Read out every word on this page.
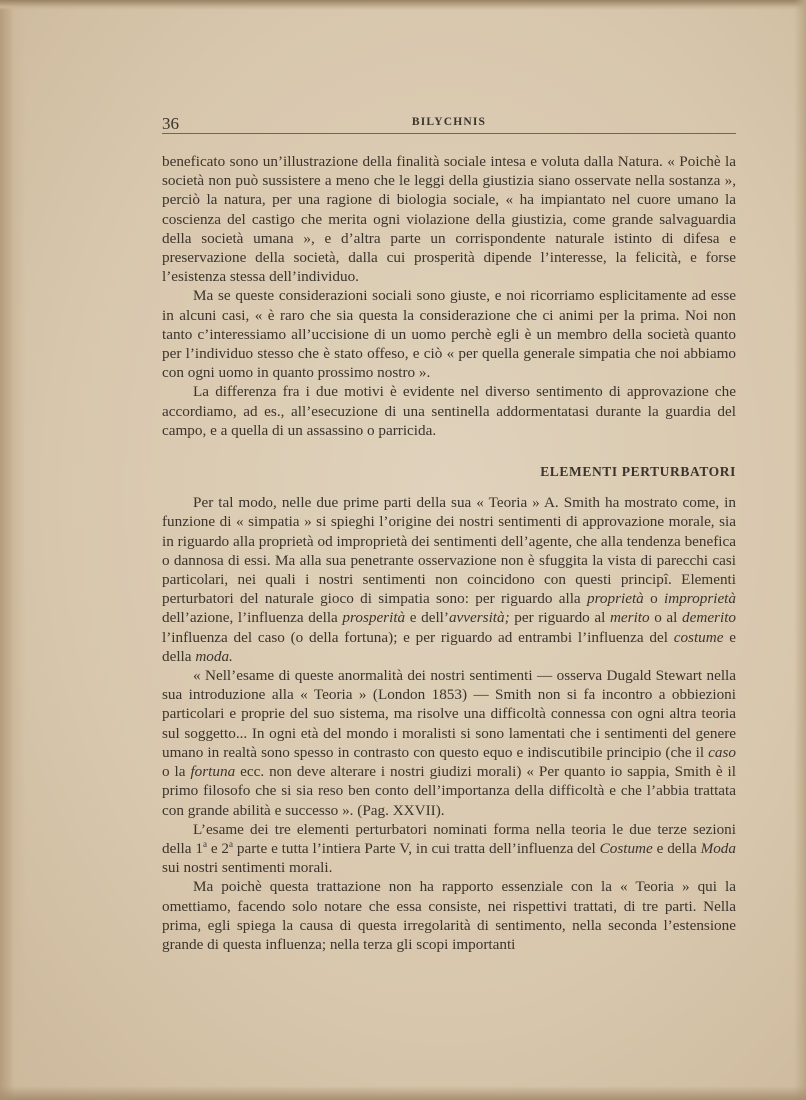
36	BILYCHNIS

beneficato sono un’illustrazione della finalità sociale intesa e voluta dalla Natura. « Poichè la società non può sussistere a meno che le leggi della giustizia siano osservate nella sostanza », perciò la natura, per una ragione di biologia sociale, « ha impiantato nel cuore umano la coscienza del castigo che merita ogni violazione della giustizia, come grande salvaguardia della società umana », e d’altra parte un corrispondente naturale istinto di difesa e preservazione della società, dalla cui prosperità dipende l’interesse, la felicità, e forse l’esistenza stessa dell’individuo.

Ma se queste considerazioni sociali sono giuste, e noi ricorriamo esplicitamente ad esse in alcuni casi, « è raro che sia questa la considerazione che ci animi per la prima. Noi non tanto c’interessiamo all’uccisione di un uomo perchè egli è un membro della società quanto per l’individuo stesso che è stato offeso, e ciò « per quella generale simpatia che noi abbiamo con ogni uomo in quanto prossimo nostro ».

La differenza fra i due motivi è evidente nel diverso sentimento di approvazione che accordiamo, ad es., all’esecuzione di una sentinella addormentatasi durante la guardia del campo, e a quella di un assassino o parricida.

ELEMENTI PERTURBATORI

Per tal modo, nelle due prime parti della sua « Teoria » A. Smith ha mostrato come, in funzione di « simpatia » si spieghi l’origine dei nostri sentimenti di approvazione morale, sia in riguardo alla proprietà od improprietà dei sentimenti dell’agente, che alla tendenza benefica o dannosa di essi. Ma alla sua penetrante osservazione non è sfuggita la vista di parecchi casi particolari, nei quali i nostri sentimenti non coincidono con questi principî. Elementi perturbatori del naturale gioco di simpatia sono: per riguardo alla proprietà o improprietà dell’azione, l’influenza della prosperità e dell’avversità; per riguardo al merito o al demerito l’influenza del caso (o della fortuna); e per riguardo ad entrambi l’influenza del costume e della moda.

« Nell’esame di queste anormalità dei nostri sentimenti — osserva Dugald Stewart nella sua introduzione alla « Teoria » (London 1853) — Smith non si fa incontro a obbiezioni particolari e proprie del suo sistema, ma risolve una difficoltà connessa con ogni altra teoria sul soggetto... In ogni età del mondo i moralisti si sono lamentati che i sentimenti del genere umano in realtà sono spesso in contrasto con questo equo e indiscutibile principio (che il caso o la fortuna ecc. non deve alterare i nostri giudizi morali) « Per quanto io sappia, Smith è il primo filosofo che si sia reso ben conto dell’importanza della difficoltà e che l’abbia trattata con grande abilità e successo ». (Pag. XXVII).

L’esame dei tre elementi perturbatori nominati forma nella teoria le due terze sezioni della 1$^a$ e 2$^a$ parte e tutta l’intiera Parte V, in cui tratta dell’influenza del Costume e della Moda sui nostri sentimenti morali.

Ma poichè questa trattazione non ha rapporto essenziale con la « Teoria » qui la omettiamo, facendo solo notare che essa consiste, nei rispettivi trattati, di tre parti. Nella prima, egli spiega la causa di questa irregolarità di sentimento, nella seconda l’estensione grande di questa influenza; nella terza gli scopi importanti
